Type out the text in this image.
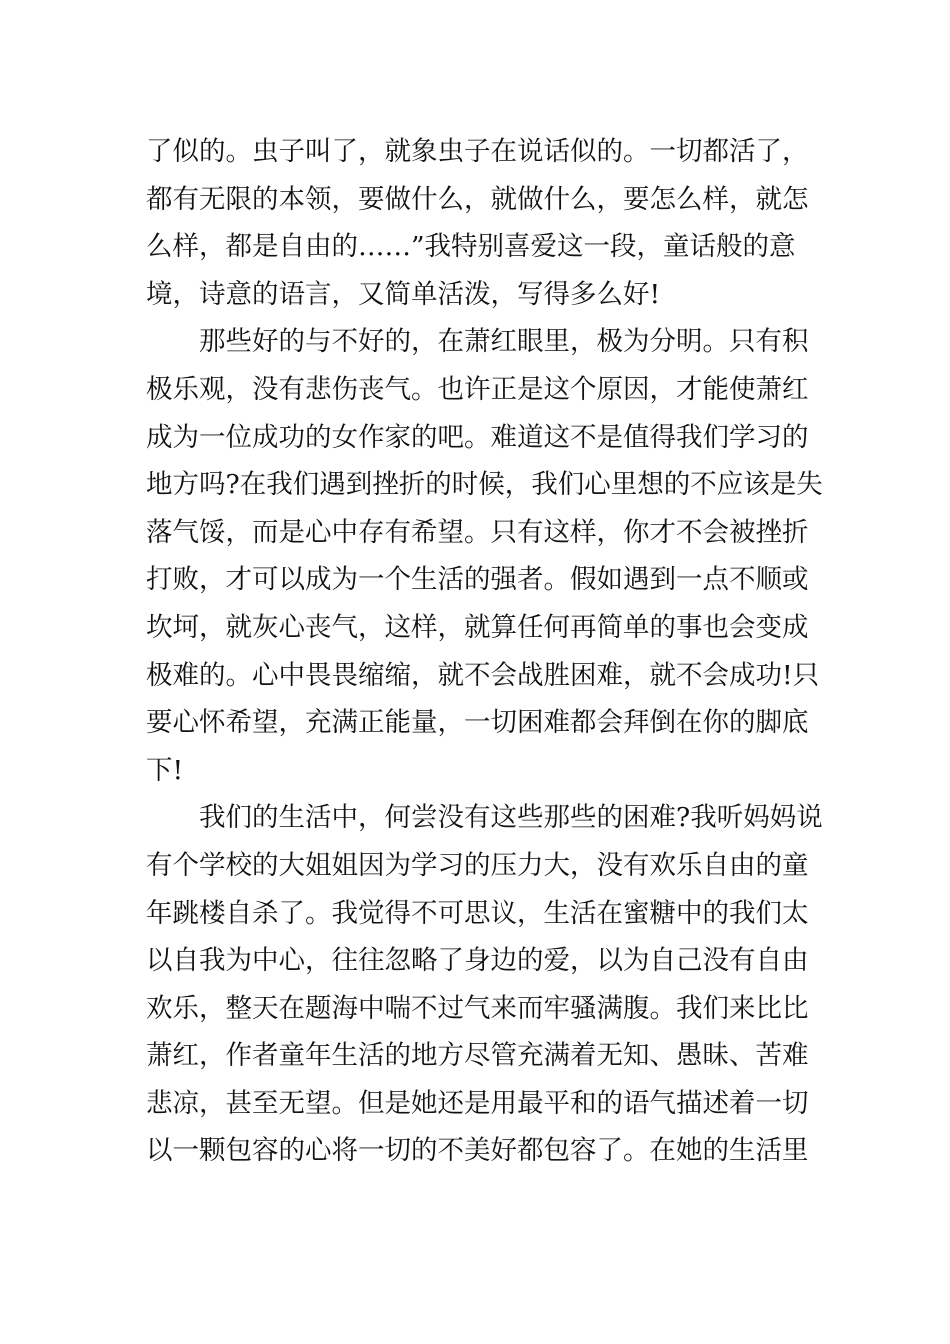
了似的。虫子叫了，就象虫子在说话似的。一切都活了，
都有无限的本领，要做什么，就做什么，要怎么样，就怎
么样，都是自由的……”我特别喜爱这一段，童话般的意
境，诗意的语言，又简单活泼，写得多么好!
　　那些好的与不好的，在萧红眼里，极为分明。只有积
极乐观，没有悲伤丧气。也许正是这个原因，才能使萧红
成为一位成功的女作家的吧。难道这不是值得我们学习的
地方吗?在我们遇到挫折的时候，我们心里想的不应该是失
落气馁，而是心中存有希望。只有这样，你才不会被挫折
打败，才可以成为一个生活的强者。假如遇到一点不顺或
坎坷，就灰心丧气，这样，就算任何再简单的事也会变成
极难的。心中畏畏缩缩，就不会战胜困难，就不会成功!只
要心怀希望，充满正能量，一切困难都会拜倒在你的脚底
下!
　　我们的生活中，何尝没有这些那些的困难?我听妈妈说
有个学校的大姐姐因为学习的压力大，没有欢乐自由的童
年跳楼自杀了。我觉得不可思议，生活在蜜糖中的我们太
以自我为中心，往往忽略了身边的爱，以为自己没有自由
欢乐，整天在题海中喘不过气来而牢骚满腹。我们来比比
萧红，作者童年生活的地方尽管充满着无知、愚昧、苦难
悲凉，甚至无望。但是她还是用最平和的语气描述着一切
以一颗包容的心将一切的不美好都包容了。在她的生活里
